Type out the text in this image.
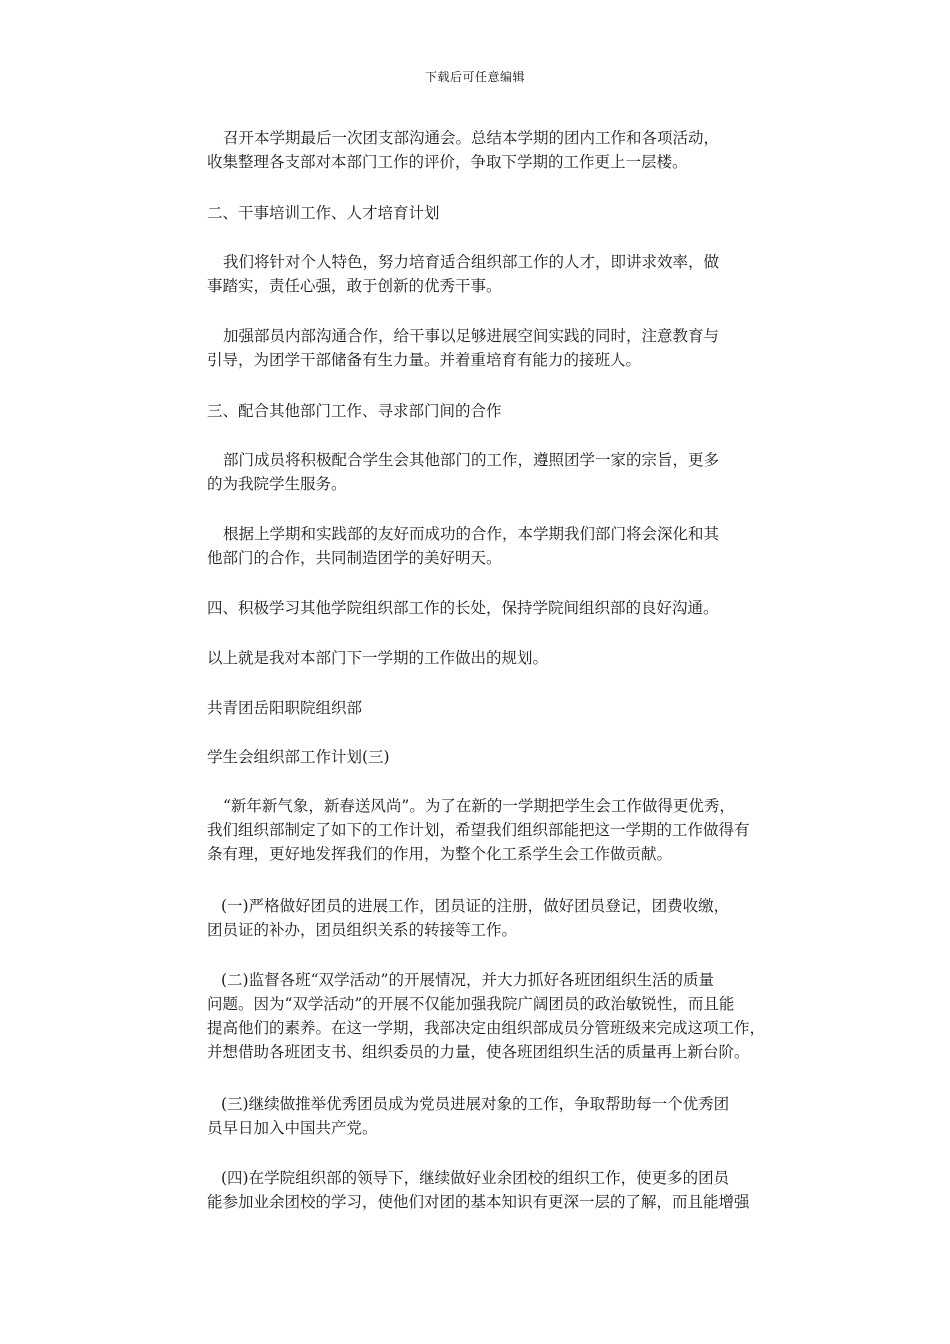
下载后可任意编辑
召开本学期最后一次团支部沟通会。总结本学期的团内工作和各项活动，
收集整理各支部对本部门工作的评价，争取下学期的工作更上一层楼。
二、干事培训工作、人才培育计划
我们将针对个人特色，努力培育适合组织部工作的人才，即讲求效率，做
事踏实，责任心强，敢于创新的优秀干事。
加强部员内部沟通合作，给干事以足够进展空间实践的同时，注意教育与
引导，为团学干部储备有生力量。并着重培育有能力的接班人。
三、配合其他部门工作、寻求部门间的合作
部门成员将积极配合学生会其他部门的工作，遵照团学一家的宗旨，更多
的为我院学生服务。
根据上学期和实践部的友好而成功的合作，本学期我们部门将会深化和其
他部门的合作，共同制造团学的美好明天。
四、积极学习其他学院组织部工作的长处，保持学院间组织部的良好沟通。
以上就是我对本部门下一学期的工作做出的规划。
共青团岳阳职院组织部
学生会组织部工作计划(三)
“新年新气象，新春送风尚”。为了在新的一学期把学生会工作做得更优秀，
我们组织部制定了如下的工作计划，希望我们组织部能把这一学期的工作做得有
条有理，更好地发挥我们的作用，为整个化工系学生会工作做贡献。
(一)严格做好团员的进展工作，团员证的注册，做好团员登记，团费收缴，
团员证的补办，团员组织关系的转接等工作。
(二)监督各班“双学活动”的开展情况，并大力抓好各班团组织生活的质量
问题。因为“双学活动”的开展不仅能加强我院广阔团员的政治敏锐性，而且能
提高他们的素养。在这一学期，我部决定由组织部成员分管班级来完成这项工作，
并想借助各班团支书、组织委员的力量，使各班团组织生活的质量再上新台阶。
(三)继续做推举优秀团员成为党员进展对象的工作，争取帮助每一个优秀团
员早日加入中国共产党。
(四)在学院组织部的领导下，继续做好业余团校的组织工作，使更多的团员
能参加业余团校的学习，使他们对团的基本知识有更深一层的了解，而且能增强
